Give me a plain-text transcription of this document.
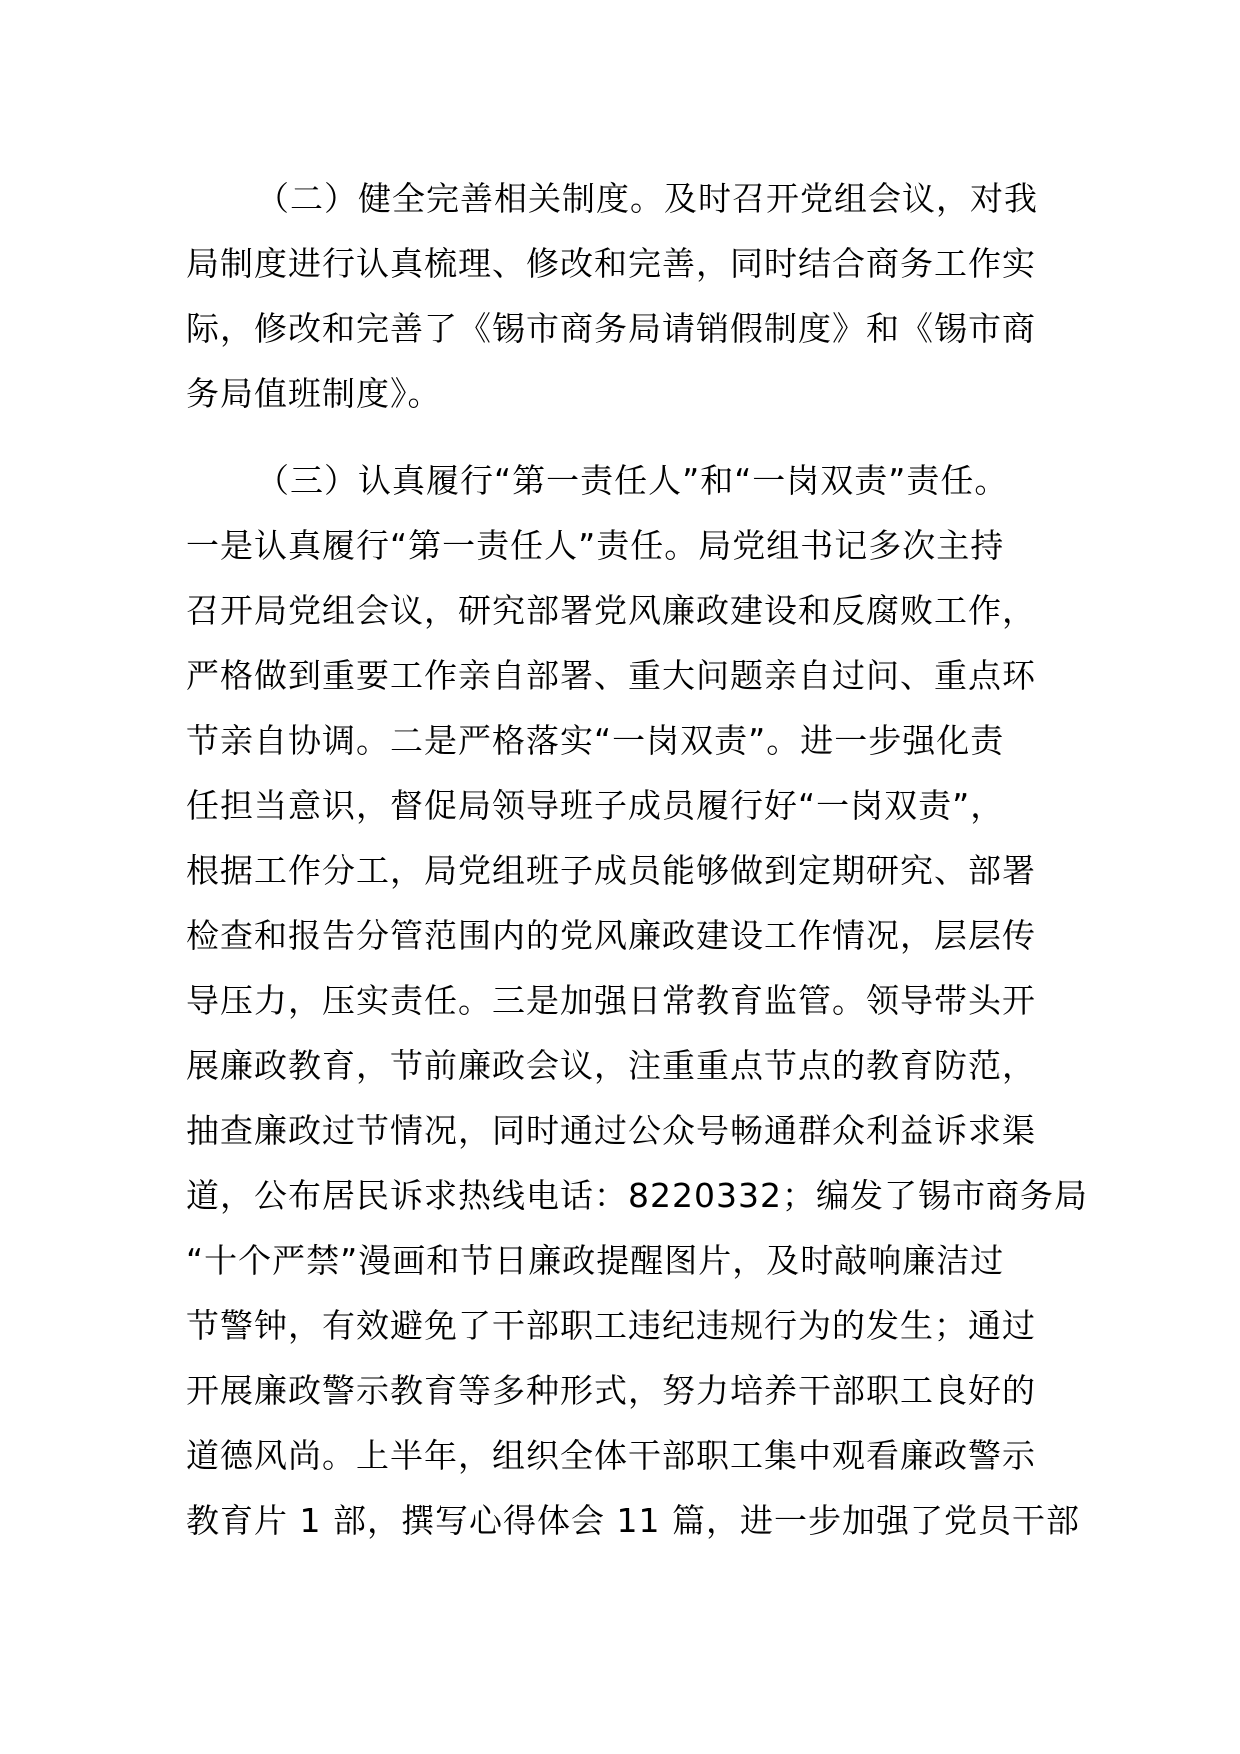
（二）健全完善相关制度。及时召开党组会议，对我
局制度进行认真梳理、修改和完善，同时结合商务工作实
际，修改和完善了《锡市商务局请销假制度》和《锡市商
务局值班制度》。
（三）认真履行“第一责任人”和“一岗双责”责任。
一是认真履行“第一责任人”责任。局党组书记多次主持
召开局党组会议，研究部署党风廉政建设和反腐败工作，
严格做到重要工作亲自部署、重大问题亲自过问、重点环
节亲自协调。二是严格落实“一岗双责”。进一步强化责
任担当意识，督促局领导班子成员履行好“一岗双责”，
根据工作分工，局党组班子成员能够做到定期研究、部署
检查和报告分管范围内的党风廉政建设工作情况，层层传
导压力，压实责任。三是加强日常教育监管。领导带头开
展廉政教育，节前廉政会议，注重重点节点的教育防范，
抽查廉政过节情况，同时通过公众号畅通群众利益诉求渠
道，公布居民诉求热线电话：8220332；编发了锡市商务局
“十个严禁”漫画和节日廉政提醒图片，及时敲响廉洁过
节警钟，有效避免了干部职工违纪违规行为的发生；通过
开展廉政警示教育等多种形式，努力培养干部职工良好的
道德风尚。上半年，组织全体干部职工集中观看廉政警示
教育片 1 部，撰写心得体会 11 篇，进一步加强了党员干部
